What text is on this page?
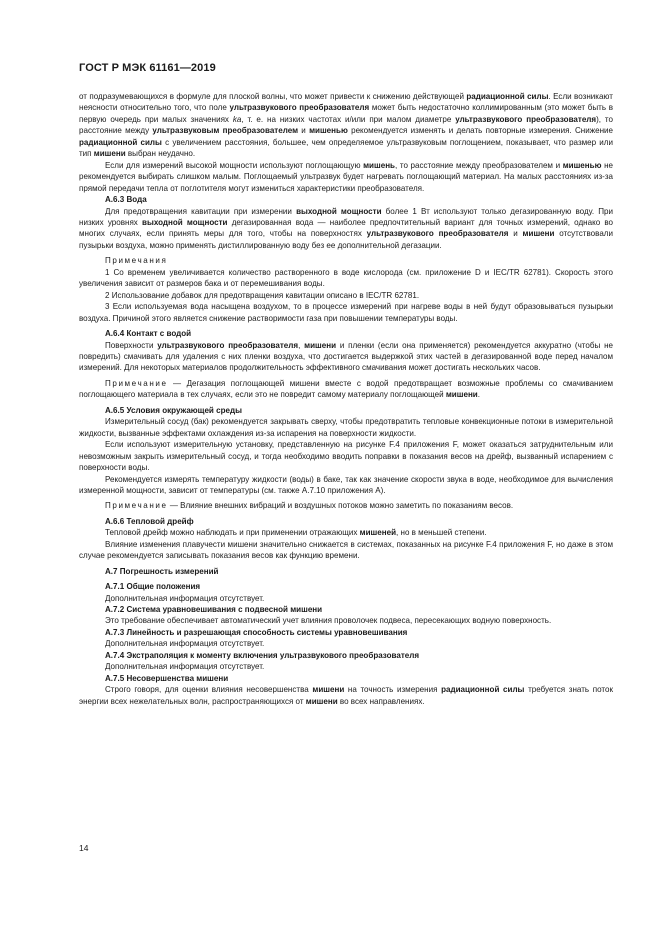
ГОСТ Р МЭК 61161—2019

от подразумевающихся в формуле для плоской волны, что может привести к снижению действующей радиационной силы. Если возникают неясности относительно того, что поле ультразвукового преобразователя может быть недостаточно коллимированным (это может быть в первую очередь при малых значениях ka, т. е. на низких частотах и/или при малом диаметре ультразвукового преобразователя), то расстояние между ультразвуковым преобразователем и мишенью рекомендуется изменять и делать повторные измерения. Снижение радиационной силы с увеличением расстояния, большее, чем определяемое ультразвуковым поглощением, показывает, что размер или тип мишени выбран неудачно.

Если для измерений высокой мощности используют поглощающую мишень, то расстояние между преобразователем и мишенью не рекомендуется выбирать слишком малым. Поглощаемый ультразвук будет нагревать поглощающий материал. На малых расстояниях из-за прямой передачи тепла от поглотителя могут измениться характеристики преобразователя.

А.6.3 Вода

Для предотвращения кавитации при измерении выходной мощности более 1 Вт используют только дегазированную воду. При низких уровнях выходной мощности дегазированная вода — наиболее предпочтительный вариант для точных измерений, однако во многих случаях, если принять меры для того, чтобы на поверхностях ультразвукового преобразователя и мишени отсутствовали пузырьки воздуха, можно применять дистиллированную воду без ее дополнительной дегазации.

Примечания

1 Со временем увеличивается количество растворенного в воде кислорода (см. приложение D и IEC/TR 62781). Скорость этого увеличения зависит от размеров бака и от перемешивания воды.

2 Использование добавок для предотвращения кавитации описано в IEC/TR 62781.

3 Если используемая вода насыщена воздухом, то в процессе измерений при нагреве воды в ней будут образовываться пузырьки воздуха. Причиной этого является снижение растворимости газа при повышении температуры воды.

А.6.4 Контакт с водой

Поверхности ультразвукового преобразователя, мишени и пленки (если она применяется) рекомендуется аккуратно (чтобы не повредить) смачивать для удаления с них пленки воздуха, что достигается выдержкой этих частей в дегазированной воде перед началом измерений. Для некоторых материалов продолжительность эффективного смачивания может достигать нескольких часов.

Примечание — Дегазация поглощающей мишени вместе с водой предотвращает возможные проблемы со смачиванием поглощающего материала в тех случаях, если это не повредит самому материалу поглощающей мишени.

А.6.5 Условия окружающей среды

Измерительный сосуд (бак) рекомендуется закрывать сверху, чтобы предотвратить тепловые конвекционные потоки в измерительной жидкости, вызванные эффектами охлаждения из-за испарения на поверхности жидкости.

Если используют измерительную установку, представленную на рисунке F.4 приложения F, может оказаться затруднительным или невозможным закрыть измерительный сосуд, и тогда необходимо вводить поправки в показания весов на дрейф, вызванный испарением с поверхности воды.

Рекомендуется измерять температуру жидкости (воды) в баке, так как значение скорости звука в воде, необходимое для вычисления измеренной мощности, зависит от температуры (см. также А.7.10 приложения А).

Примечание — Влияние внешних вибраций и воздушных потоков можно заметить по показаниям весов.

А.6.6 Тепловой дрейф

Тепловой дрейф можно наблюдать и при применении отражающих мишеней, но в меньшей степени.

Влияние изменения плавучести мишени значительно снижается в системах, показанных на рисунке F.4 приложения F, но даже в этом случае рекомендуется записывать показания весов как функцию времени.

А.7 Погрешность измерений

А.7.1 Общие положения

Дополнительная информация отсутствует.

А.7.2 Система уравновешивания с подвесной мишени

Это требование обеспечивает автоматический учет влияния проволочек подвеса, пересекающих водную поверхность.

А.7.3 Линейность и разрешающая способность системы уравновешивания

Дополнительная информация отсутствует.

А.7.4 Экстраполяция к моменту включения ультразвукового преобразователя

Дополнительная информация отсутствует.

А.7.5 Несовершенства мишени

Строго говоря, для оценки влияния несовершенства мишени на точность измерения радиационной силы требуется знать поток энергии всех нежелательных волн, распространяющихся от мишени во всех направлениях.

14
